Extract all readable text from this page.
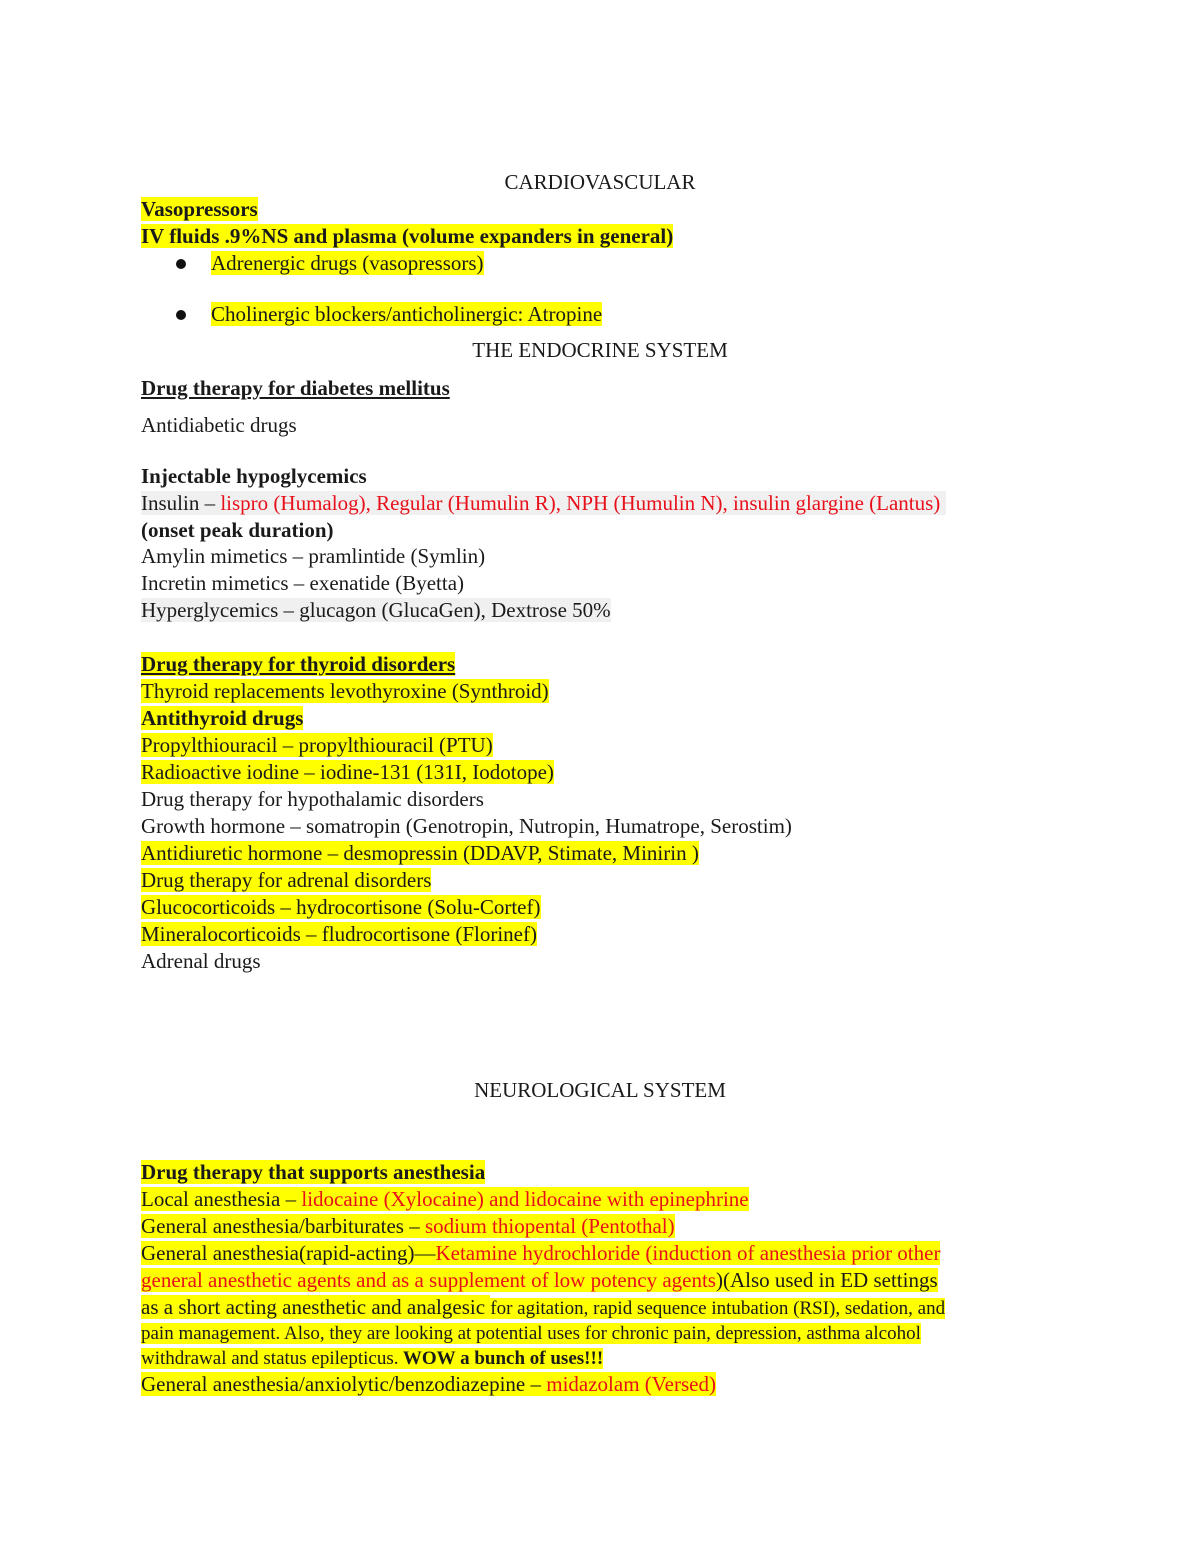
CARDIOVASCULAR
Vasopressors
IV fluids .9%NS and plasma (volume expanders in general)
Adrenergic drugs (vasopressors)
Cholinergic blockers/anticholinergic: Atropine
THE ENDOCRINE SYSTEM
Drug therapy for diabetes mellitus
Antidiabetic drugs
Injectable hypoglycemics
Insulin – lispro (Humalog), Regular (Humulin R), NPH (Humulin N), insulin glargine (Lantus)
(onset peak duration)
Amylin mimetics – pramlintide (Symlin)
Incretin mimetics – exenatide (Byetta)
Hyperglycemics – glucagon (GlucaGen), Dextrose 50%
Drug therapy for thyroid disorders
Thyroid replacements levothyroxine (Synthroid)
Antithyroid drugs
Propylthiouracil – propylthiouracil (PTU)
Radioactive iodine – iodine-131 (131I, Iodotope)
Drug therapy for hypothalamic disorders
Growth hormone – somatropin (Genotropin, Nutropin, Humatrope, Serostim)
Antidiuretic hormone – desmopressin (DDAVP, Stimate, Minirin )
Drug therapy for adrenal disorders
Glucocorticoids – hydrocortisone (Solu-Cortef)
Mineralocorticoids – fludrocortisone (Florinef)
Adrenal drugs
NEUROLOGICAL SYSTEM
Drug therapy that supports anesthesia
Local anesthesia – lidocaine (Xylocaine) and lidocaine with epinephrine
General anesthesia/barbiturates – sodium thiopental (Pentothal)
General anesthesia(rapid-acting)—Ketamine hydrochloride (induction of anesthesia prior other
general anesthetic agents and as a supplement of low potency agents)(Also used in ED settings
as a short acting anesthetic and analgesic for agitation, rapid sequence intubation (RSI), sedation, and
pain management. Also, they are looking at potential uses for chronic pain, depression, asthma alcohol
withdrawal and status epilepticus. WOW a bunch of uses!!!
General anesthesia/anxiolytic/benzodiazepine – midazolam (Versed)
